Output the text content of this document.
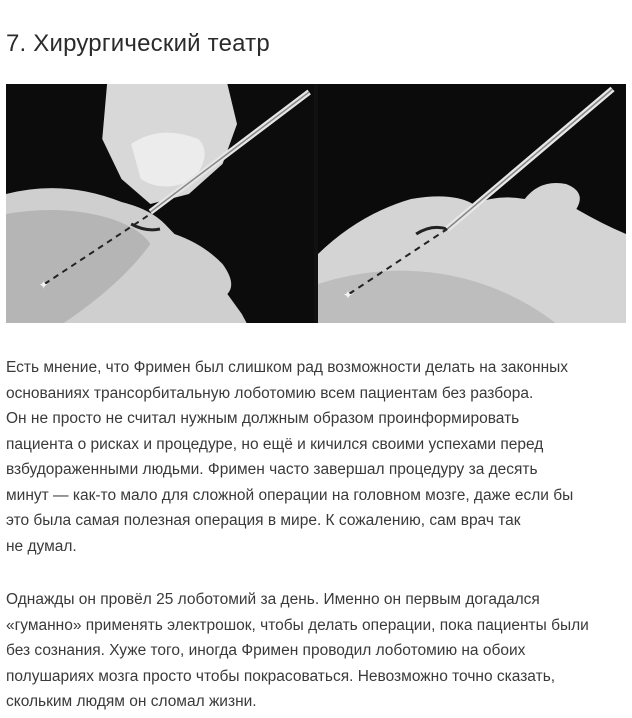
7. Хирургический театр
✦
✦
Есть мнение, что Фримен был слишком рад возможности делать на законных
основаниях трансорбитальную лоботомию всем пациентам без разбора.
Он не просто не считал нужным должным образом проинформировать
пациента о рисках и процедуре, но ещё и кичился своими успехами перед
взбудораженными людьми. Фримен часто завершал процедуру за десять
минут — как-то мало для сложной операции на головном мозге, даже если бы
это была самая полезная операция в мире. К сожалению, сам врач так
не думал.
Однажды он провёл 25 лоботомий за день. Именно он первым догадался
«гуманно» применять электрошок, чтобы делать операции, пока пациенты были
без сознания. Хуже того, иногда Фримен проводил лоботомию на обоих
полушариях мозга просто чтобы покрасоваться. Невозможно точно сказать,
скольким людям он сломал жизни.
